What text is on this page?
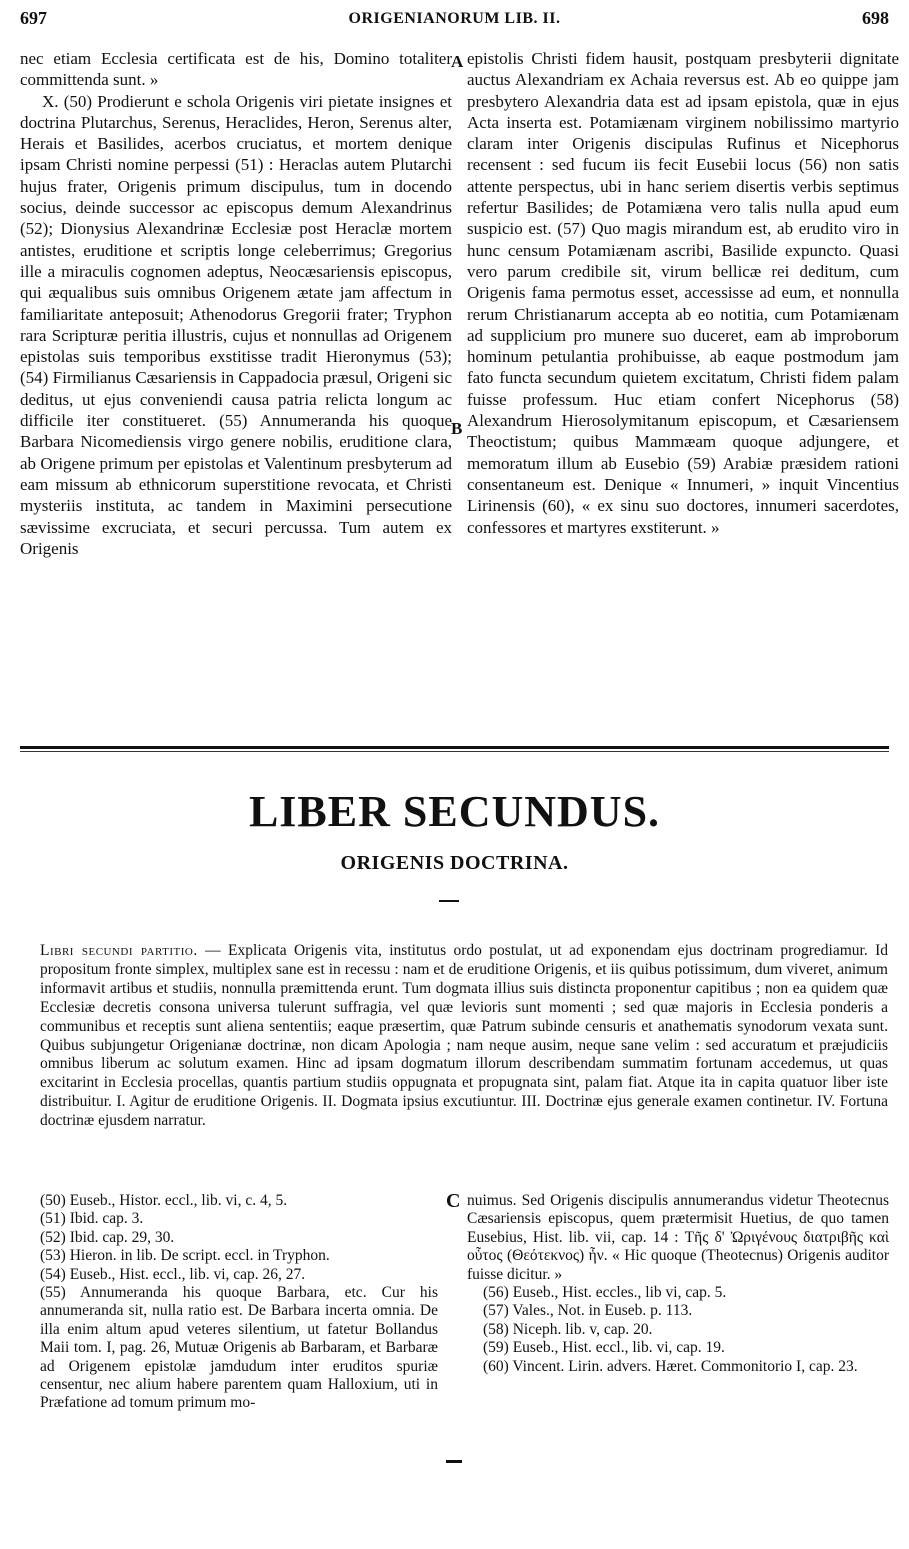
697	ORIGENIANORUM LIB. II.	698

nec etiam Ecclesia certificata est de his, Domino totaliter committenda sunt. »

X. (50) Prodierunt e schola Origenis viri pietate insignes et doctrina Plutarchus, Serenus, Heraclides, Heron, Serenus alter, Herais et Basilides, acerbos cruciatus, et mortem denique ipsam Christi nomine perpessi (51) : Heraclas autem Plutarchi hujus frater, Origenis primum discipulus, tum in docendo socius, deinde successor ac episcopus demum Alexandrinus (52); Dionysius Alexandrinæ Ecclesiæ post Heraclæ mortem antistes, eruditione et scriptis longe celeberrimus; Gregorius ille a miraculis cognomen adeptus, Neocæsariensis episcopus, qui æqualibus suis omnibus Origenem ætate jam affectum in familiaritate anteposuit; Athenodorus Gregorii frater; Tryphon rara Scripturæ peritia illustris, cujus et nonnullas ad Origenem epistolas suis temporibus exstitisse tradit Hieronymus (53); (54) Firmilianus Cæsariensis in Cappadocia præsul, Origeni sic deditus, ut ejus conveniendi causa patria relicta longum ac difficile iter constitueret. (55) Annumeranda his quoque Barbara Nicomediensis virgo genere nobilis, eruditione clara, ab Origene primum per epistolas et Valentinum presbyterum ad eam missum ab ethnicorum superstitione revocata, et Christi mysteriis instituta, ac tandem in Maximini persecutione sævissime excruciata, et securi percussa. Tum autem ex Origenis

A
B

epistolis Christi fidem hausit, postquam presbyterii dignitate auctus Alexandriam ex Achaia reversus est. Ab eo quippe jam presbytero Alexandria data est ad ipsam epistola, quæ in ejus Acta inserta est. Potamiænam virginem nobilissimo martyrio claram inter Origenis discipulas Rufinus et Nicephorus recensent : sed fucum iis fecit Eusebii locus (56) non satis attente perspectus, ubi in hanc seriem disertis verbis septimus refertur Basilides; de Potamiæna vero talis nulla apud eum suspicio est. (57) Quo magis mirandum est, ab erudito viro in hunc censum Potamiænam ascribi, Basilide expuncto. Quasi vero parum credibile sit, virum bellicæ rei deditum, cum Origenis fama permotus esset, accessisse ad eum, et nonnulla rerum Christianarum acceptа ab eo notitia, cum Potamiænam ad supplicium pro munere suo duceret, eam ab improborum hominum petulantia prohibuisse, ab eaque postmodum jam fato functa secundum quietem excitatum, Christi fidem palam fuisse professum. Huc etiam confert Nicephorus (58) Alexandrum Hierosolymitanum episcopum, et Cæsariensem Theoctistum; quibus Mammæam quoque adjungere, et memoratum illum ab Eusebio (59) Arabiæ præsidem rationi consentaneum est. Denique « Innumeri, » inquit Vincentius Lirinensis (60), « ex sinu suo doctores, innumeri sacerdotes, confessores et martyres exstiterunt. »

LIBER SECUNDUS.
ORIGENIS DOCTRINA.
Libri secundi partitio. — Explicata Origenis vita, institutus ordo postulat, ut ad exponendam ejus doctrinam progrediamur. Id propositum fronte simplex, multiplex sane est in recessu : nam et de eruditione Origenis, et iis quibus potissimum, dum viveret, animum informavit artibus et studiis, nonnulla præmittenda erunt. Tum dogmata illius suis distincta proponentur capitibus ; non ea quidem quæ Ecclesiæ decretis consona universa tulerunt suffragia, vel quæ levioris sunt momenti ; sed quæ majoris in Ecclesia ponderis a communibus et receptis sunt aliena sententiis; eaque præsertim, quæ Patrum subinde censuris et anathematis synodorum vexata sunt. Quibus subjungetur Origenianæ doctrinæ, non dicam Apologia ; nam neque ausim, neque sane velim : sed accuratum et præjudiciis omnibus liberum ac solutum examen. Hinc ad ipsam dogmatum illorum describendam summatim fortunam accedemus, ut quas excitarint in Ecclesia procellas, quantis partium studiis oppugnata et propugnata sint, palam fiat. Atque ita in capita quatuor liber iste distribuitur. I. Agitur de eruditione Origenis. II. Dogmata ipsius excutiuntur. III. Doctrinæ ejus generale examen continetur. IV. Fortuna doctrinæ ejusdem narratur.

(50) Euseb., Histor. eccl., lib. vi, c. 4, 5.

(51) Ibid. cap. 3.

(52) Ibid. cap. 29, 30.

(53) Hieron. in lib. De script. eccl. in Tryphon.

(54) Euseb., Hist. eccl., lib. vi, cap. 26, 27.

(55) Annumeranda his quoque Barbara, etc. Cur his annumeranda sit, nulla ratio est. De Barbara incerta omnia. De illa enim altum apud veteres silentium, ut fatetur Bollandus Maii tom. I, pag. 26, Mutuæ Origenis ab Barbaram, et Barbaræ ad Origenem epistolæ jamdudum inter eruditos spuriæ censentur, nec alium habere parentem quam Halloxium, uti in Præfatione ad tomum primum mo-

C nuimus. Sed Origenis discipulis annumerandus videtur Theotecnus Cæsariensis episcopus, quem prætermisit Huetius, de quo tamen Eusebius, Hist. lib. vii, cap. 14 : Τῆς δ' Ὠριγένους διατριβῆς καὶ οὗτος (Θεότεκνος) ἦν. « Hic quoque (Theotecnus) Origenis auditor fuisse dicitur. »

(56) Euseb., Hist. eccles., lib vi, cap. 5.

(57) Vales., Not. in Euseb. p. 113.

(58) Niceph. lib. v, cap. 20.

(59) Euseb., Hist. eccl., lib. vi, cap. 19.

(60) Vincent. Lirin. advers. Hæret. Commonitorio I, cap. 23.
